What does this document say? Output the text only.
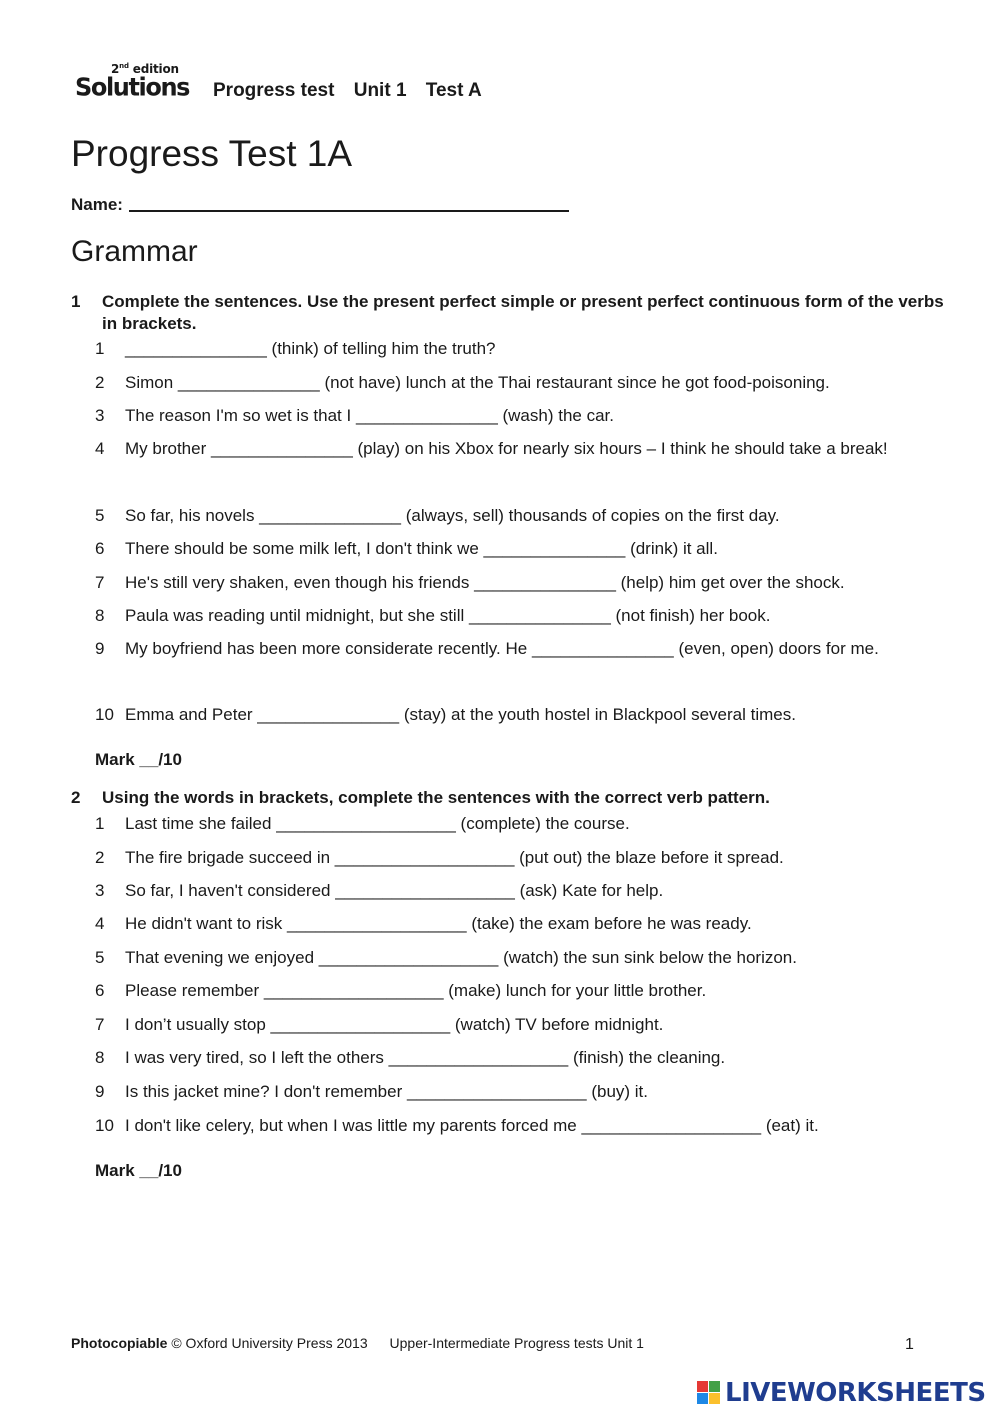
2nd edition
Solutions Progress test Unit 1 Test A
Progress Test 1A
Name:
Grammar
1 Complete the sentences. Use the present perfect simple or present perfect continuous form of the verbs in brackets.
1 _______________ (think) of telling him the truth?
2 Simon _______________ (not have) lunch at the Thai restaurant since he got food-poisoning.
3 The reason I'm so wet is that I _______________ (wash) the car.
4	My brother _______________ (play) on his Xbox for nearly six hours – I think he should take a break!
5 So far, his novels _______________ (always, sell) thousands of copies on the first day.
6 There should be some milk left, I don't think we _______________ (drink) it all.
7 He's still very shaken, even though his friends _______________ (help) him get over the shock.
8 Paula was reading until midnight, but she still _______________ (not finish) her book.
9	My boyfriend has been more considerate recently. He _______________ (even, open) doors for me.
10 Emma and Peter _______________ (stay) at the youth hostel in Blackpool several times.
Mark __/10
2 Using the words in brackets, complete the sentences with the correct verb pattern.
1 Last time she failed ___________________ (complete) the course.
2 The fire brigade succeed in ___________________ (put out) the blaze before it spread.
3 So far, I haven't considered ___________________ (ask) Kate for help.
4 He didn't want to risk ___________________ (take) the exam before he was ready.
5 That evening we enjoyed ___________________ (watch) the sun sink below the horizon.
6 Please remember ___________________ (make) lunch for your little brother.
7 I don’t usually stop ___________________ (watch) TV before midnight.
8 I was very tired, so I left the others ___________________ (finish) the cleaning.
9 Is this jacket mine? I don't remember ___________________ (buy) it.
10 I don't like celery, but when I was little my parents forced me ___________________ (eat) it.
Mark __/10
Photocopiable © Oxford University Press 2013 Upper-Intermediate Progress tests Unit 1	1
LIVEWORKSHEETS
